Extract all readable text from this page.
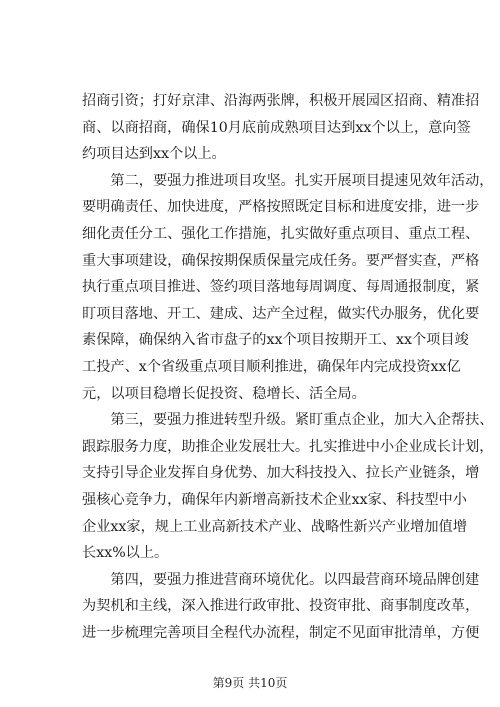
招商引资；打好京津、沿海两张牌，积极开展园区招商、精准招
商、以商招商，确保10月底前成熟项目达到xx个以上，意向签
约项目达到xx个以上。

　　第二，要强力推进项目攻坚。扎实开展项目提速见效年活动，
要明确责任、加快进度，严格按照既定目标和进度安排，进一步
细化责任分工、强化工作措施，扎实做好重点项目、重点工程、
重大事项建设，确保按期保质保量完成任务。要严督实查，严格
执行重点项目推进、签约项目落地每周调度、每周通报制度，紧
盯项目落地、开工、建成、达产全过程，做实代办服务，优化要
素保障，确保纳入省市盘子的xx个项目按期开工、xx个项目竣
工投产、x个省级重点项目顺利推进，确保年内完成投资xx亿
元，以项目稳增长促投资、稳增长、活全局。

　　第三，要强力推进转型升级。紧盯重点企业，加大入企帮扶、
跟踪服务力度，助推企业发展壮大。扎实推进中小企业成长计划，
支持引导企业发挥自身优势、加大科技投入、拉长产业链条，增
强核心竞争力，确保年内新增高新技术企业xx家、科技型中小
企业xx家，规上工业高新技术产业、战略性新兴产业增加值增
长xx%以上。

　　第四，要强力推进营商环境优化。以四最营商环境品牌创建
为契机和主线，深入推进行政审批、投资审批、商事制度改革，
进一步梳理完善项目全程代办流程，制定不见面审批清单，方便

第9页 共10页
